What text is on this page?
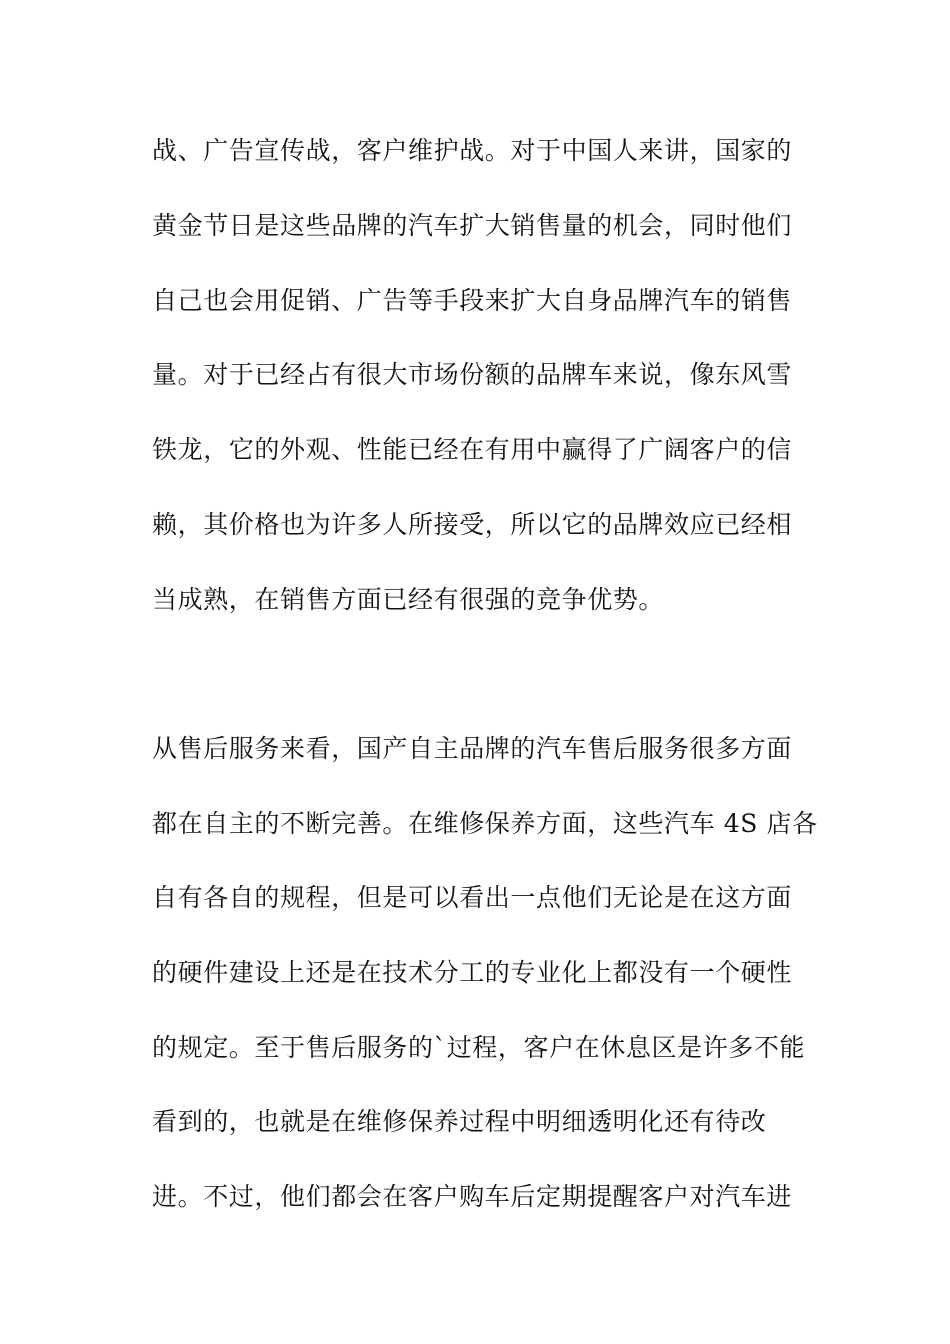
战、广告宣传战，客户维护战。对于中国人来讲，国家的
黄金节日是这些品牌的汽车扩大销售量的机会，同时他们
自己也会用促销、广告等手段来扩大自身品牌汽车的销售
量。对于已经占有很大市场份额的品牌车来说，像东风雪
铁龙，它的外观、性能已经在有用中赢得了广阔客户的信
赖，其价格也为许多人所接受，所以它的品牌效应已经相
当成熟，在销售方面已经有很强的竞争优势。
从售后服务来看，国产自主品牌的汽车售后服务很多方面
都在自主的不断完善。在维修保养方面，这些汽车 4S 店各
自有各自的规程，但是可以看出一点他们无论是在这方面
的硬件建设上还是在技术分工的专业化上都没有一个硬性
的规定。至于售后服务的`过程，客户在休息区是许多不能
看到的，也就是在维修保养过程中明细透明化还有待改
进。不过，他们都会在客户购车后定期提醒客户对汽车进
